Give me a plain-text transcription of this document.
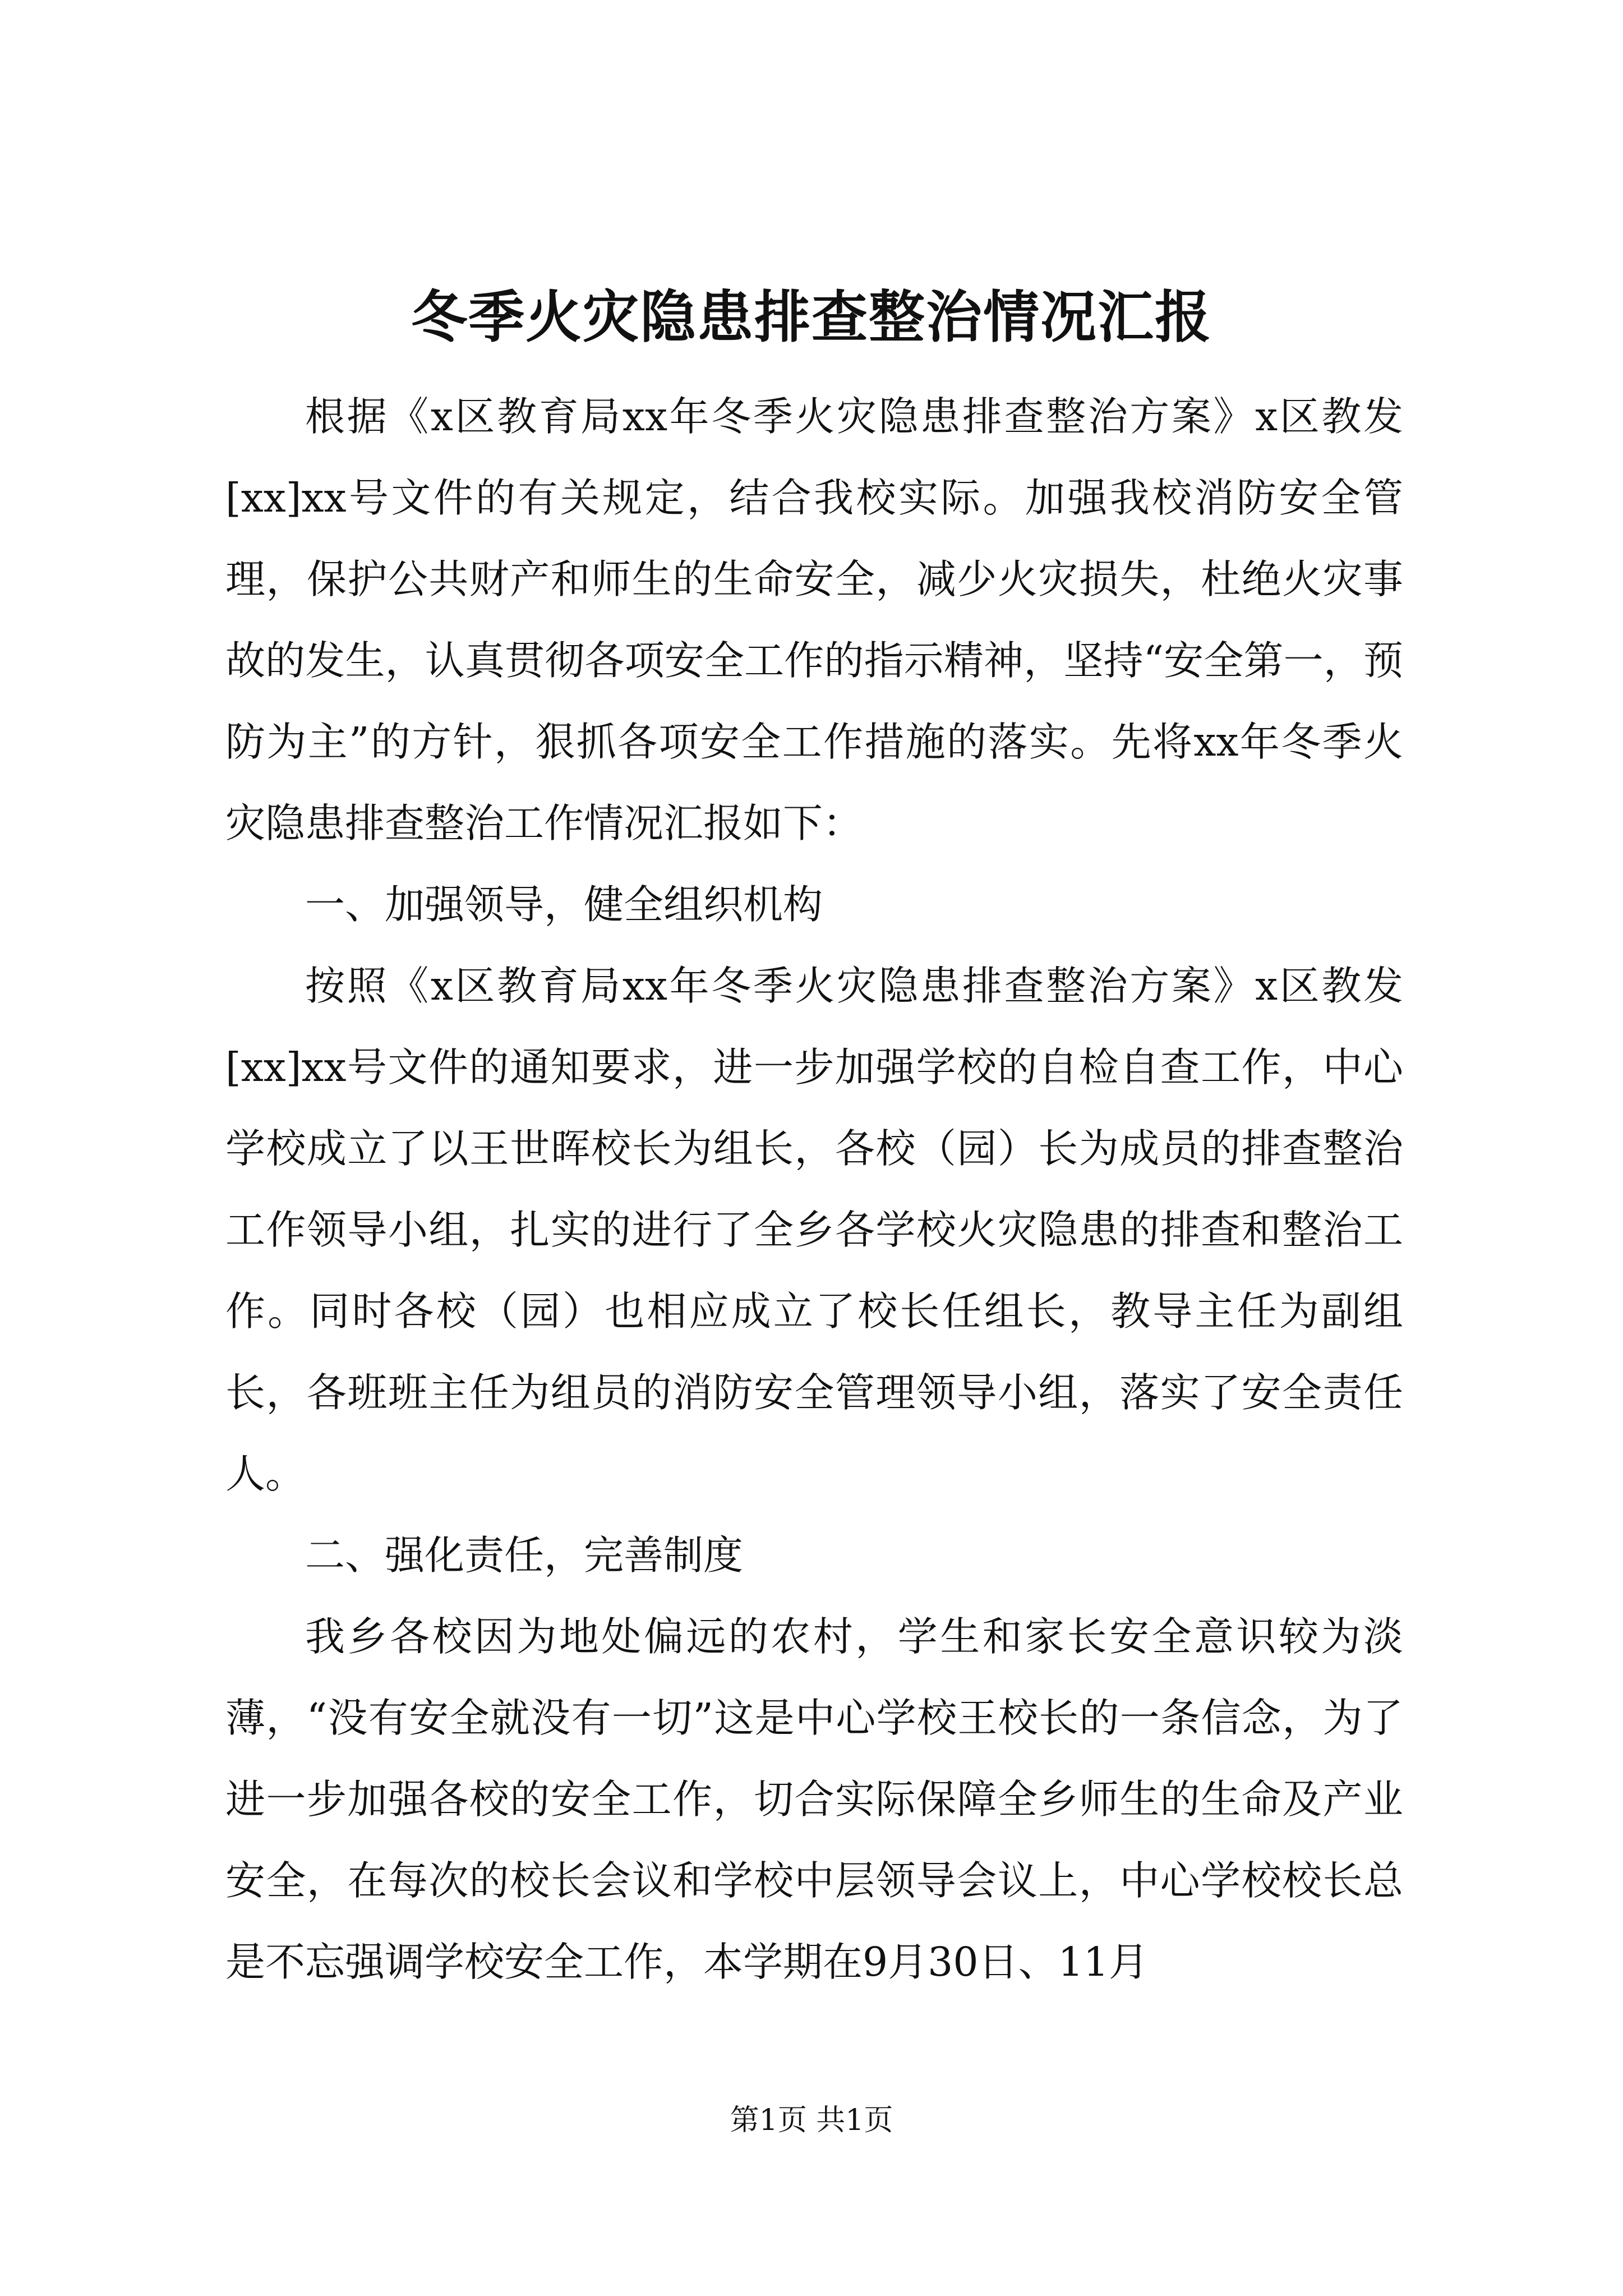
冬季火灾隐患排查整治情况汇报

根据《x区教育局xx年冬季火灾隐患排查整治方案》x区教发[xx]xx号文件的有关规定，结合我校实际。加强我校消防安全管理，保护公共财产和师生的生命安全，减少火灾损失，杜绝火灾事故的发生，认真贯彻各项安全工作的指示精神，坚持“安全第一，预防为主”的方针，狠抓各项安全工作措施的落实。先将xx年冬季火灾隐患排查整治工作情况汇报如下：

一、加强领导，健全组织机构

按照《x区教育局xx年冬季火灾隐患排查整治方案》x区教发[xx]xx号文件的通知要求，进一步加强学校的自检自查工作，中心学校成立了以王世晖校长为组长，各校（园）长为成员的排查整治工作领导小组，扎实的进行了全乡各学校火灾隐患的排查和整治工作。同时各校（园）也相应成立了校长任组长，教导主任为副组长，各班班主任为组员的消防安全管理领导小组，落实了安全责任人。

二、强化责任，完善制度

我乡各校因为地处偏远的农村，学生和家长安全意识较为淡薄，“没有安全就没有一切”这是中心学校王校长的一条信念，为了进一步加强各校的安全工作，切合实际保障全乡师生的生命及产业安全，在每次的校长会议和学校中层领导会议上，中心学校校长总是不忘强调学校安全工作，本学期在9月30日、11月

第1页 共1页
